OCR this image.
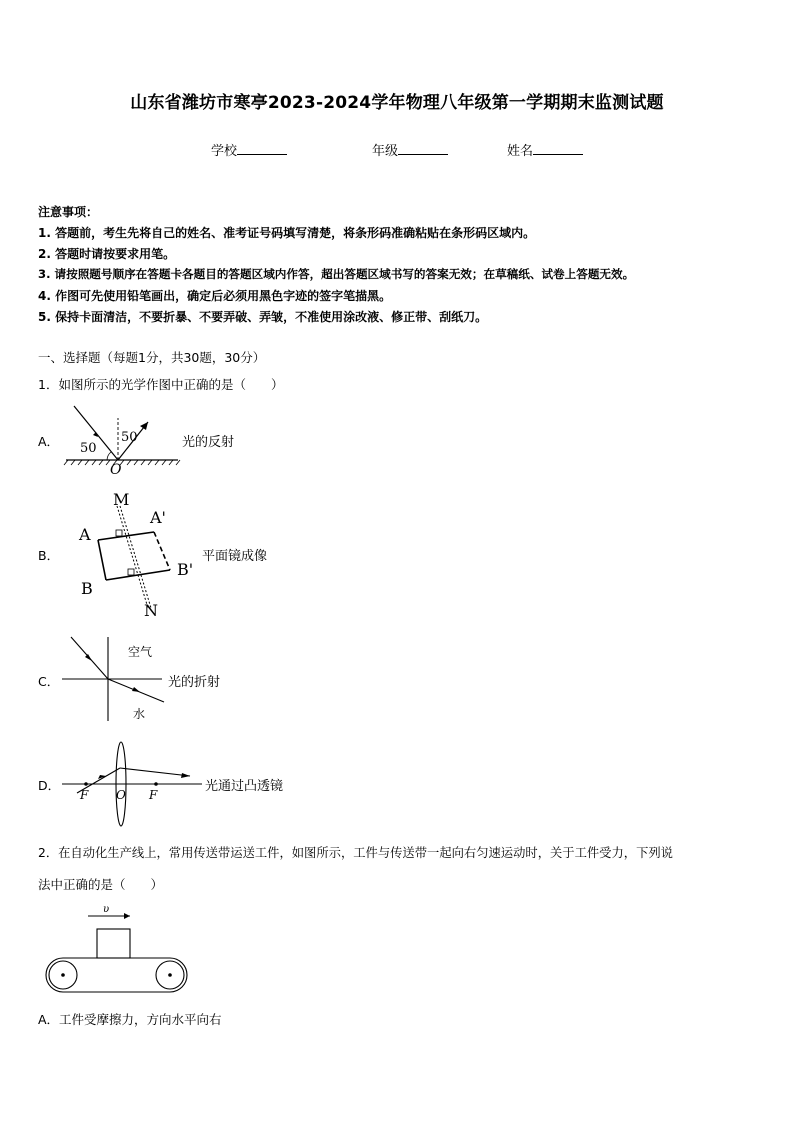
山东省潍坊市寒亭2023-2024学年物理八年级第一学期期末监测试题
学校	年级	姓名
注意事项：
1. 答题前，考生先将自己的姓名、准考证号码填写清楚，将条形码准确粘贴在条形码区域内。
2. 答题时请按要求用笔。
3. 请按照题号顺序在答题卡各题目的答题区域内作答，超出答题区域书写的答案无效；在草稿纸、试卷上答题无效。
4. 作图可先使用铅笔画出，确定后必须用黑色字迹的签字笔描黑。
5. 保持卡面清洁，不要折暴、不要弄破、弄皱，不准使用涂改液、修正带、刮纸刀。
一、选择题（每题1分，共30题，30分）
1．如图所示的光学作图中正确的是（　　）
A． 50
50
O
光的反射
B．
M
N
A
A'
B
B'
平面镜成像
C．
空气
水
光的折射
D．
F O F
光通过凸透镜
2．在自动化生产线上，常用传送带运送工件，如图所示，工件与传送带一起向右匀速运动时，关于工件受力，下列说
法中正确的是（　　）
υ
A．工件受摩擦力，方向水平向右
